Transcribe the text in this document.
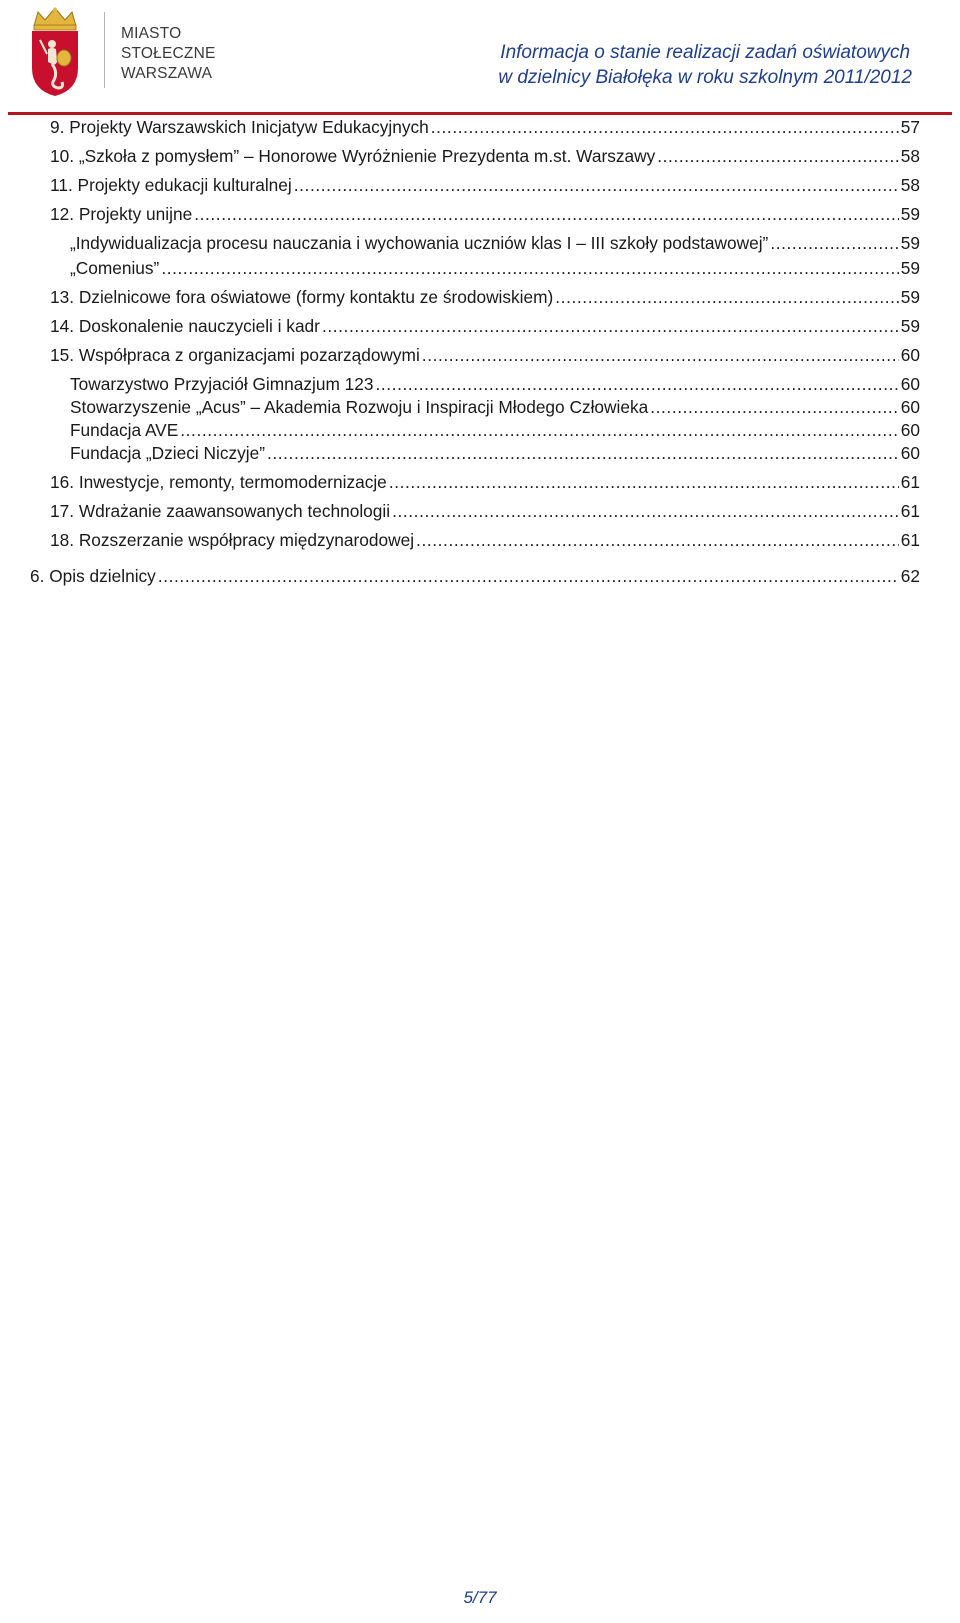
MIASTO
STOŁECZNE
WARSZAWA
Informacja o stanie realizacji zadań oświatowych
w dzielnicy Białołęka w roku szkolnym 2011/2012
9. Projekty Warszawskich Inicjatyw Edukacyjnych .....	57
10. „Szkoła z pomysłem” – Honorowe Wyróżnienie Prezydenta m.st. Warszawy .....	58
11. Projekty edukacji kulturalnej .....	58
12. Projekty unijne .....	59
„Indywidualizacja procesu nauczania i wychowania uczniów klas I – III szkoły podstawowej” .....	59
„Comenius” .....	59
13. Dzielnicowe fora oświatowe (formy kontaktu ze środowiskiem) .....	59
14. Doskonalenie nauczycieli i kadr .....	59
15. Współpraca z organizacjami pozarządowymi .....	60
Towarzystwo Przyjaciół Gimnazjum 123 .....	60
Stowarzyszenie „Acus” – Akademia Rozwoju i Inspiracji Młodego Człowieka .....	60
Fundacja AVE .....	60
Fundacja „Dzieci Niczyje” .....	60
16. Inwestycje, remonty, termomodernizacje .....	61
17. Wdrażanie zaawansowanych technologii .....	61
18. Rozszerzanie współpracy międzynarodowej .....	61
6. Opis dzielnicy .....	62
5/77
